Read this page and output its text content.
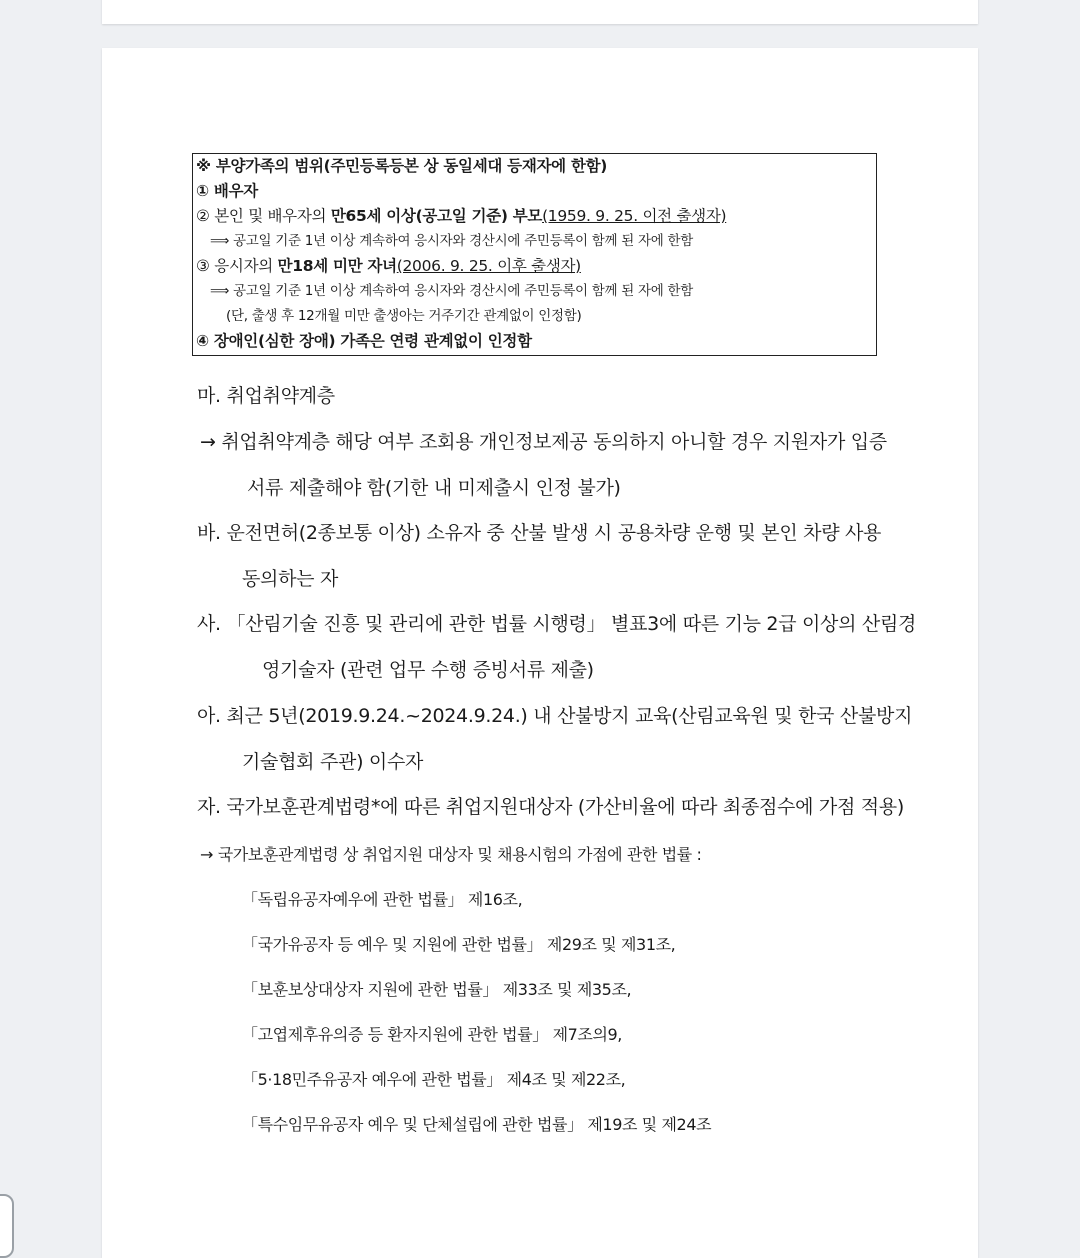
※ 부양가족의 범위(주민등록등본 상 동일세대 등재자에 한함)
① 배우자
② 본인 및 배우자의 만65세 이상(공고일 기준) 부모(1959. 9. 25. 이전 출생자)
⟹ 공고일 기준 1년 이상 계속하여 응시자와 경산시에 주민등록이 함께 된 자에 한함
③ 응시자의 만18세 미만 자녀(2006. 9. 25. 이후 출생자)
⟹ 공고일 기준 1년 이상 계속하여 응시자와 경산시에 주민등록이 함께 된 자에 한함
(단, 출생 후 12개월 미만 출생아는 거주기간 관계없이 인정함)
④ 장애인(심한 장애) 가족은 연령 관계없이 인정함
마. 취업취약계층
→ 취업취약계층 해당 여부 조회용 개인정보제공 동의하지 아니할 경우 지원자가 입증
서류 제출해야 함(기한 내 미제출시 인정 불가)
바. 운전면허(2종보통 이상) 소유자 중 산불 발생 시 공용차량 운행 및 본인 차량 사용
동의하는 자
사. 「산림기술 진흥 및 관리에 관한 법률 시행령」 별표3에 따른 기능 2급 이상의 산림경
영기술자 (관련 업무 수행 증빙서류 제출)
아. 최근 5년(2019.9.24.~2024.9.24.) 내 산불방지 교육(산림교육원 및 한국 산불방지
기술협회 주관) 이수자
자. 국가보훈관계법령*에 따른 취업지원대상자 (가산비율에 따라 최종점수에 가점 적용)
→ 국가보훈관계법령 상 취업지원 대상자 및 채용시험의 가점에 관한 법률 :
「독립유공자예우에 관한 법률」 제16조,
「국가유공자 등 예우 및 지원에 관한 법률」 제29조 및 제31조,
「보훈보상대상자 지원에 관한 법률」 제33조 및 제35조,
「고엽제후유의증 등 환자지원에 관한 법률」 제7조의9,
「5·18민주유공자 예우에 관한 법률」 제4조 및 제22조,
「특수임무유공자 예우 및 단체설립에 관한 법률」 제19조 및 제24조
